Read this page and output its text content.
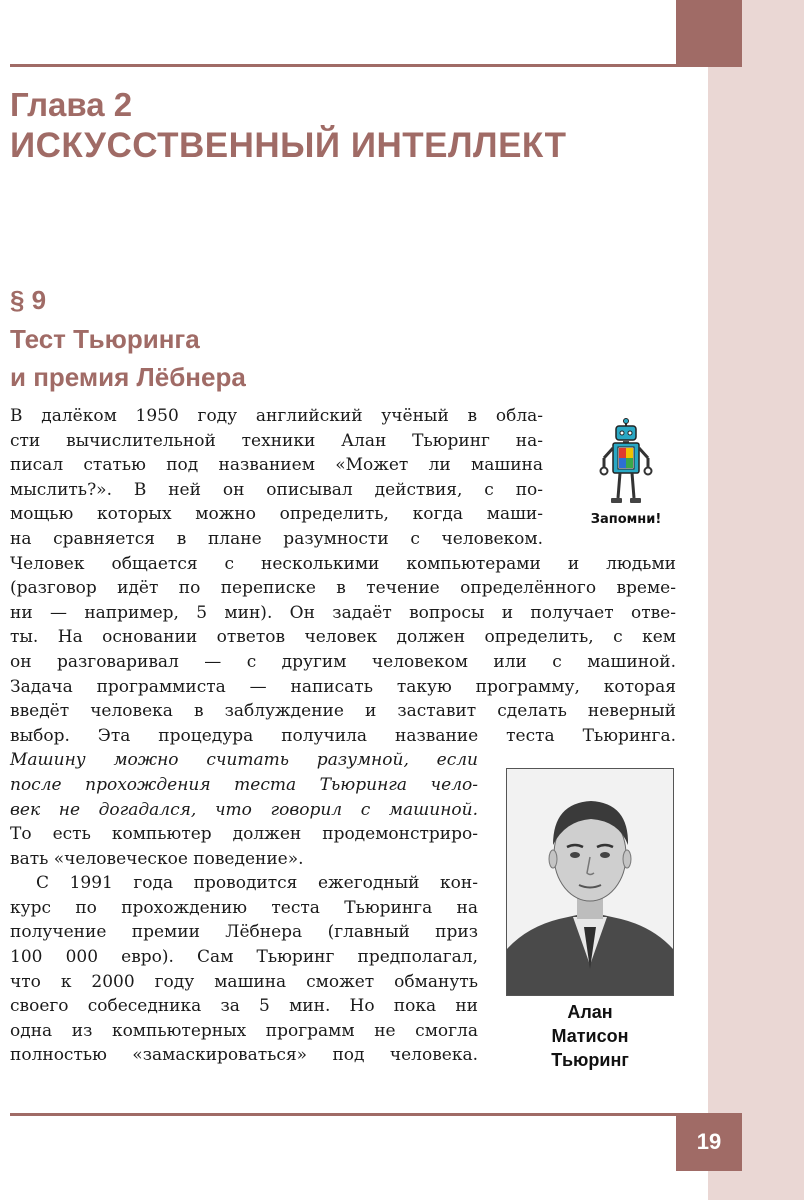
Глава 2
ИСКУССТВЕННЫЙ ИНТЕЛЛЕКТ
§ 9
Тест Тьюринга
и премия Лёбнера
В далёком 1950 году английский учёный в обла-
сти вычислительной техники Алан Тьюринг на-
писал статью под названием «Может ли машина
мыслить?». В ней он описывал действия, с по-
мощью которых можно определить, когда маши-
на сравняется в плане разумности с человеком.
Человек общается с несколькими компьютерами и людьми
(разговор идёт по переписке в течение определённого време-
ни — например, 5 мин). Он задаёт вопросы и получает отве-
ты. На основании ответов человек должен определить, с кем
он разговаривал — с другим человеком или с машиной.
Задача программиста — написать такую программу, которая
введёт человека в заблуждение и заставит сделать неверный
выбор. Эта процедура получила название теста Тьюринга.
Машину можно считать разумной, если
после прохождения теста Тьюринга чело-
век не догадался, что говорил с машиной.
То есть компьютер должен продемонстриро-
вать «человеческое поведение».
С 1991 года проводится ежегодный кон-
курс по прохождению теста Тьюринга на
получение премии Лёбнера (главный приз
100 000 евро). Сам Тьюринг предполагал,
что к 2000 году машина сможет обмануть
своего собеседника за 5 мин. Но пока ни
одна из компьютерных программ не смогла
полностью «замаскироваться» под человека.
Запомни!
Алан
Матисон
Тьюринг
19
